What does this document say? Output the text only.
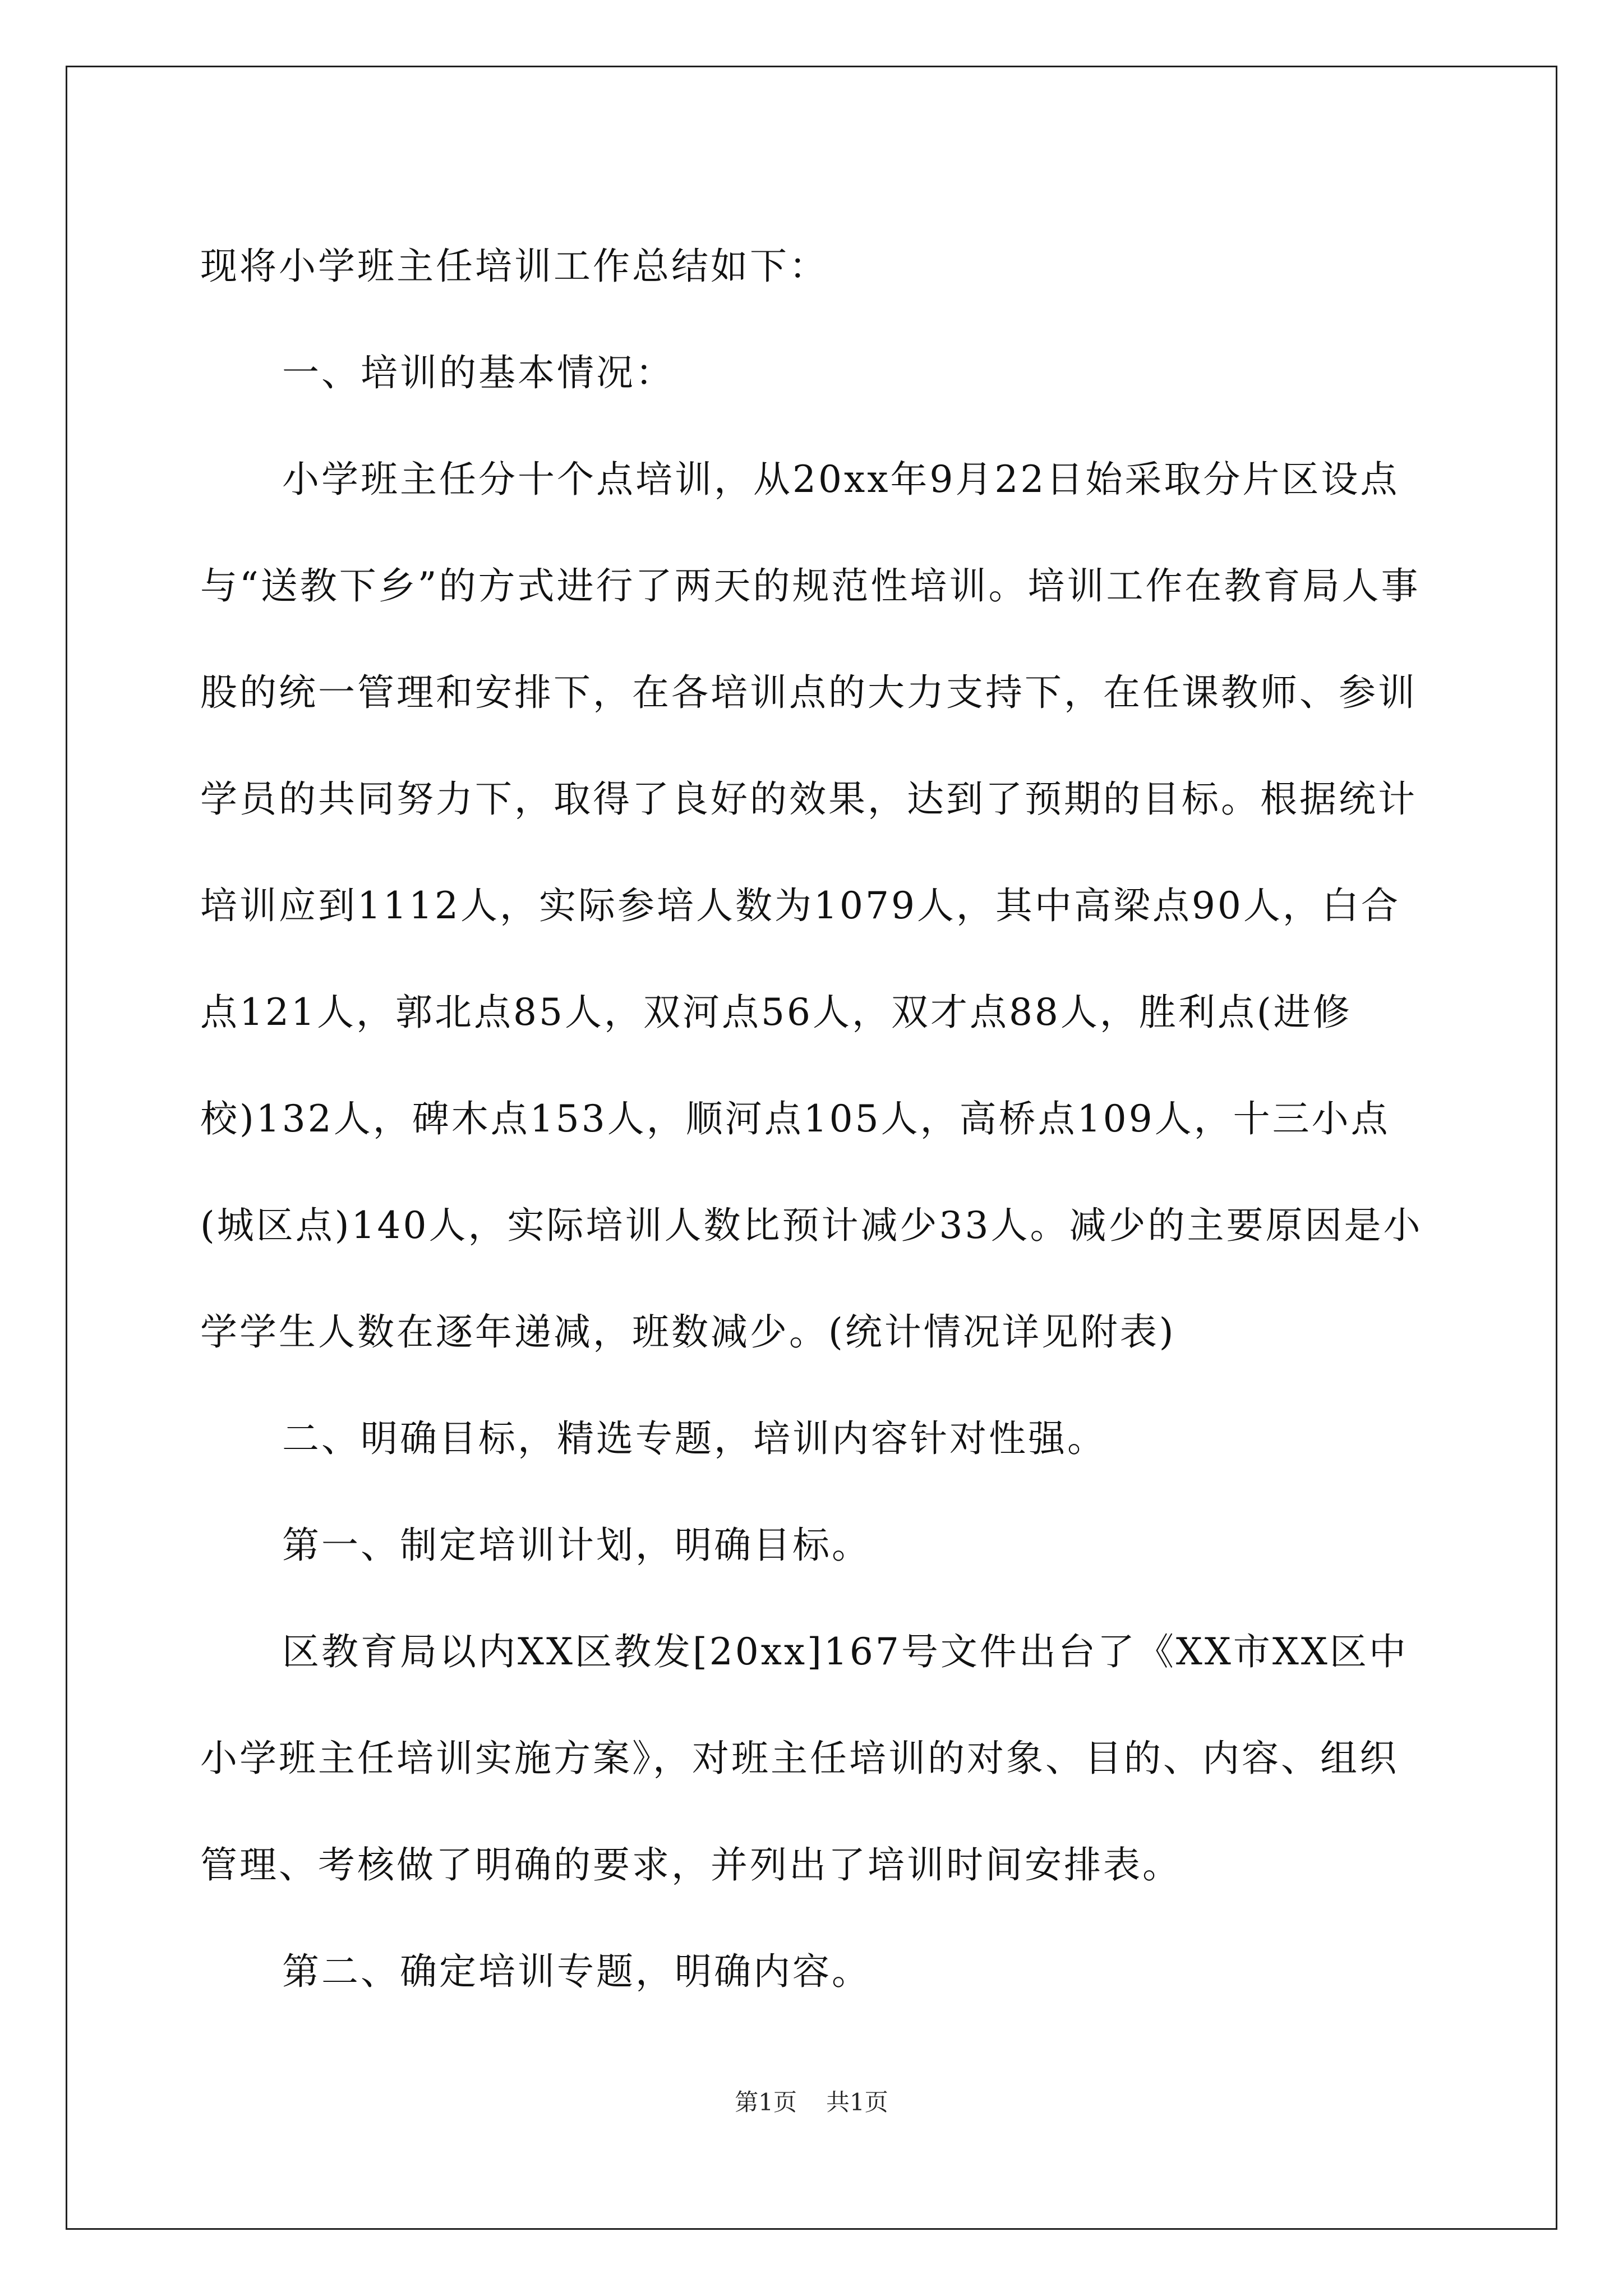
现将小学班主任培训工作总结如下：

一、培训的基本情况：

小学班主任分十个点培训，从20xx年9月22日始采取分片区设点与“送教下乡”的方式进行了两天的规范性培训。培训工作在教育局人事股的统一管理和安排下，在各培训点的大力支持下，在任课教师、参训学员的共同努力下，取得了良好的效果，达到了预期的目标。根据统计培训应到1112人，实际参培人数为1079人，其中高梁点90人，白合点121人，郭北点85人，双河点56人，双才点88人，胜利点(进修校)132人，碑木点153人，顺河点105人，高桥点109人，十三小点(城区点)140人，实际培训人数比预计减少33人。减少的主要原因是小学学生人数在逐年递减，班数减少。(统计情况详见附表)

二、明确目标，精选专题，培训内容针对性强。

第一、制定培训计划，明确目标。

区教育局以内XX区教发[20xx]167号文件出台了《XX市XX区中小学班主任培训实施方案》，对班主任培训的对象、目的、内容、组织管理、考核做了明确的要求，并列出了培训时间安排表。

第二、确定培训专题，明确内容。

第1页 共1页
